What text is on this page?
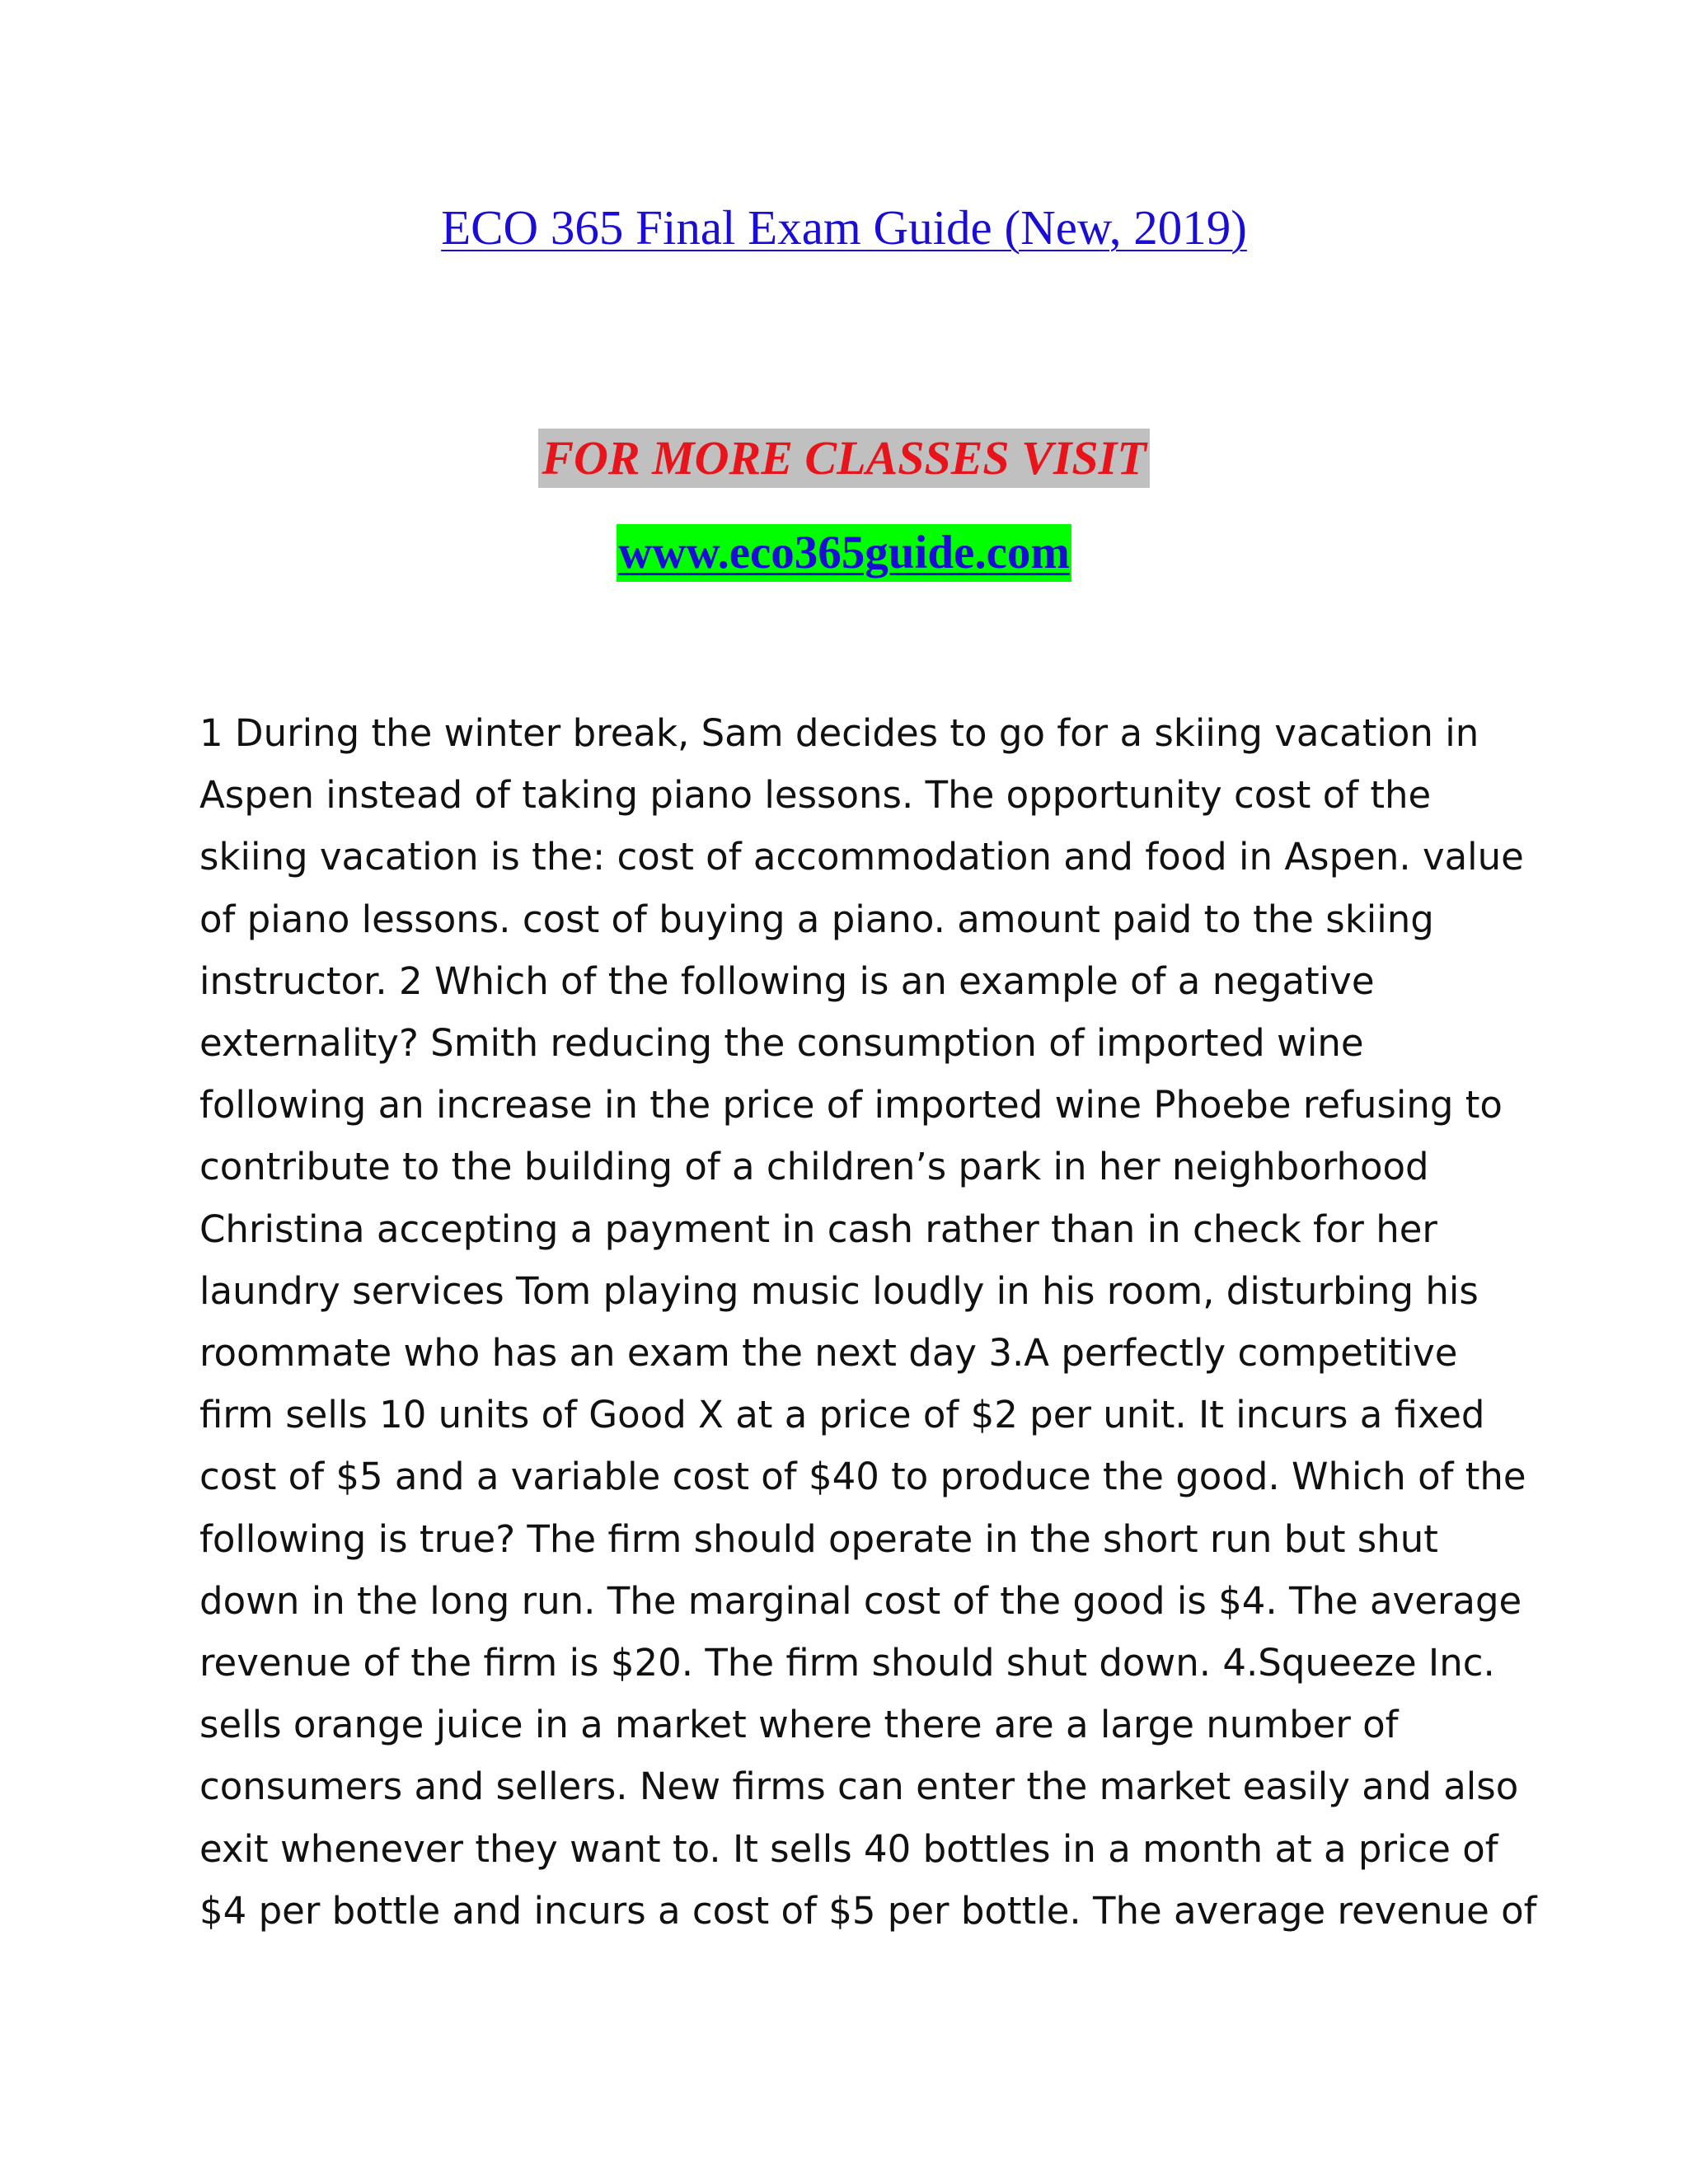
ECO 365 Final Exam Guide (New, 2019)
FOR MORE CLASSES VISIT
www.eco365guide.com
1 During the winter break, Sam decides to go for a skiing vacation in
Aspen instead of taking piano lessons. The opportunity cost of the
skiing vacation is the: cost of accommodation and food in Aspen. value
of piano lessons. cost of buying a piano. amount paid to the skiing
instructor. 2 Which of the following is an example of a negative
externality? Smith reducing the consumption of imported wine
following an increase in the price of imported wine Phoebe refusing to
contribute to the building of a children’s park in her neighborhood
Christina accepting a payment in cash rather than in check for her
laundry services Tom playing music loudly in his room, disturbing his
roommate who has an exam the next day 3.A perfectly competitive
firm sells 10 units of Good X at a price of $2 per unit. It incurs a fixed
cost of $5 and a variable cost of $40 to produce the good. Which of the
following is true? The firm should operate in the short run but shut
down in the long run. The marginal cost of the good is $4. The average
revenue of the firm is $20. The firm should shut down. 4.Squeeze Inc.
sells orange juice in a market where there are a large number of
consumers and sellers. New firms can enter the market easily and also
exit whenever they want to. It sells 40 bottles in a month at a price of
$4 per bottle and incurs a cost of $5 per bottle. The average revenue of
